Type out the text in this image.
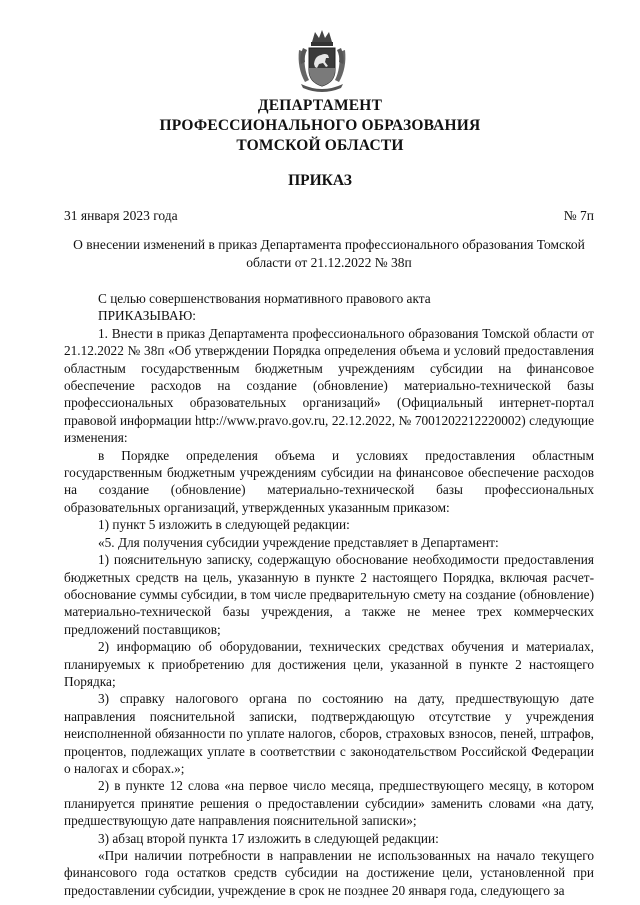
ДЕПАРТАМЕНТ
ПРОФЕССИОНАЛЬНОГО ОБРАЗОВАНИЯ
ТОМСКОЙ ОБЛАСТИ
ПРИКАЗ
31 января 2023 года	№ 7п
О внесении изменений в приказ Департамента профессионального образования Томской области от 21.12.2022 № 38п

С целью совершенствования нормативного правового акта

ПРИКАЗЫВАЮ:

1. Внести в приказ Департамента профессионального образования Томской области от 21.12.2022 № 38п «Об утверждении Порядка определения объема и условий предоставления областным государственным бюджетным учреждениям субсидии на финансовое обеспечение расходов на создание (обновление) материально-технической базы профессиональных образовательных организаций» (Официальный интернет-портал правовой информации http://www.pravo.gov.ru, 22.12.2022, № 7001202212220002) следующие изменения:

в Порядке определения объема и условиях предоставления областным государственным бюджетным учреждениям субсидии на финансовое обеспечение расходов на создание (обновление) материально-технической базы профессиональных образовательных организаций, утвержденных указанным приказом:

1) пункт 5 изложить в следующей редакции:

«5. Для получения субсидии учреждение представляет в Департамент:

1) пояснительную записку, содержащую обоснование необходимости предоставления бюджетных средств на цель, указанную в пункте 2 настоящего Порядка, включая расчет-обоснование суммы субсидии, в том числе предварительную смету на создание (обновление) материально-технической базы учреждения, а также не менее трех коммерческих предложений поставщиков;

2) информацию об оборудовании, технических средствах обучения и материалах, планируемых к приобретению для достижения цели, указанной в пункте 2 настоящего Порядка;

3) справку налогового органа по состоянию на дату, предшествующую дате направления пояснительной записки, подтверждающую отсутствие у учреждения неисполненной обязанности по уплате налогов, сборов, страховых взносов, пеней, штрафов, процентов, подлежащих уплате в соответствии с законодательством Российской Федерации о налогах и сборах.»;

2) в пункте 12 слова «на первое число месяца, предшествующего месяцу, в котором планируется принятие решения о предоставлении субсидии» заменить словами «на дату, предшествующую дате направления пояснительной записки»;

3) абзац второй пункта 17 изложить в следующей редакции:

«При наличии потребности в направлении не использованных на начало текущего финансового года остатков средств субсидии на достижение цели, установленной при предоставлении субсидии, учреждение в срок не позднее 20 января года, следующего за
